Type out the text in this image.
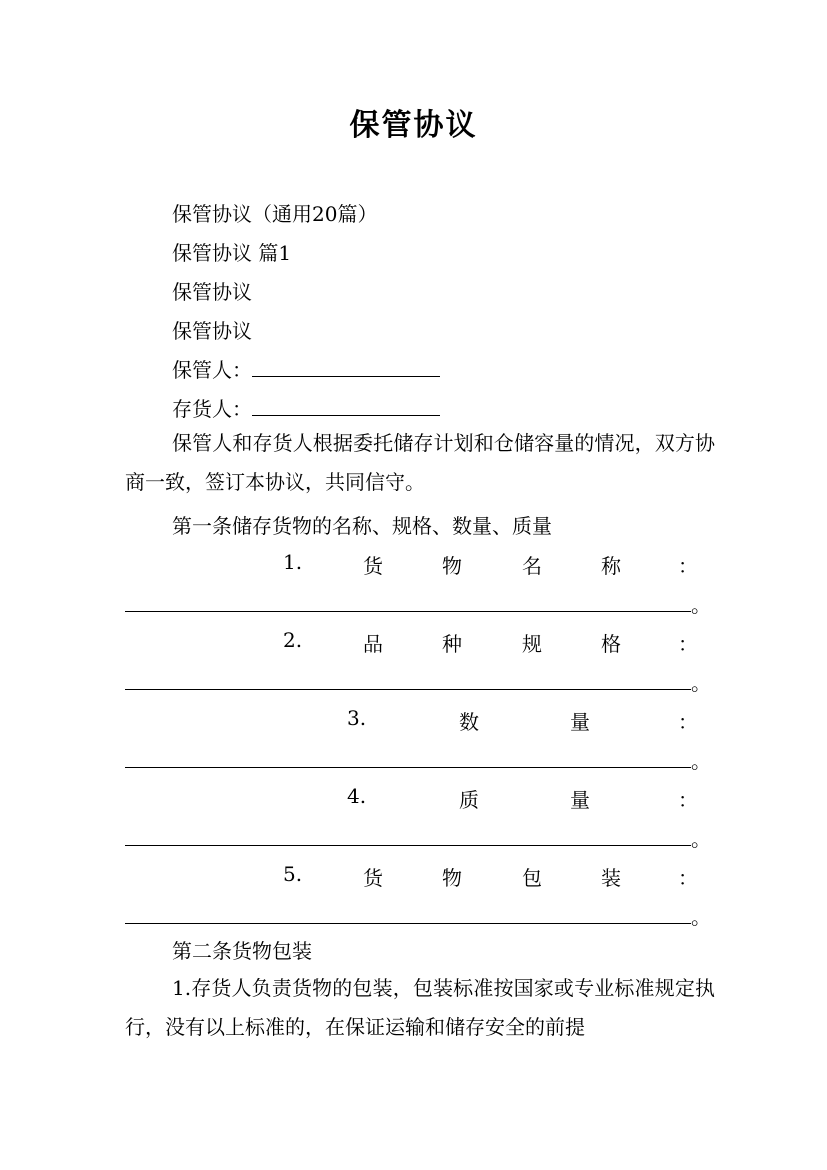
保管协议
保管协议（通用20篇）
保管协议 篇1
保管协议
保管协议
保管人：
存货人：
保管人和存货人根据委托储存计划和仓储容量的情况，双方协商一致，签订本协议，共同信守。
第一条储存货物的名称、规格、数量、质量
1.	货	物	名	称	：
。
2.	品	种	规	格	：
。
3.	数	量	：
。
4.	质	量	：
。
5.	货	物	包	装	：
。
第二条货物包装
1.存货人负责货物的包装，包装标准按国家或专业标准规定执行，没有以上标准的，在保证运输和储存安全的前提
